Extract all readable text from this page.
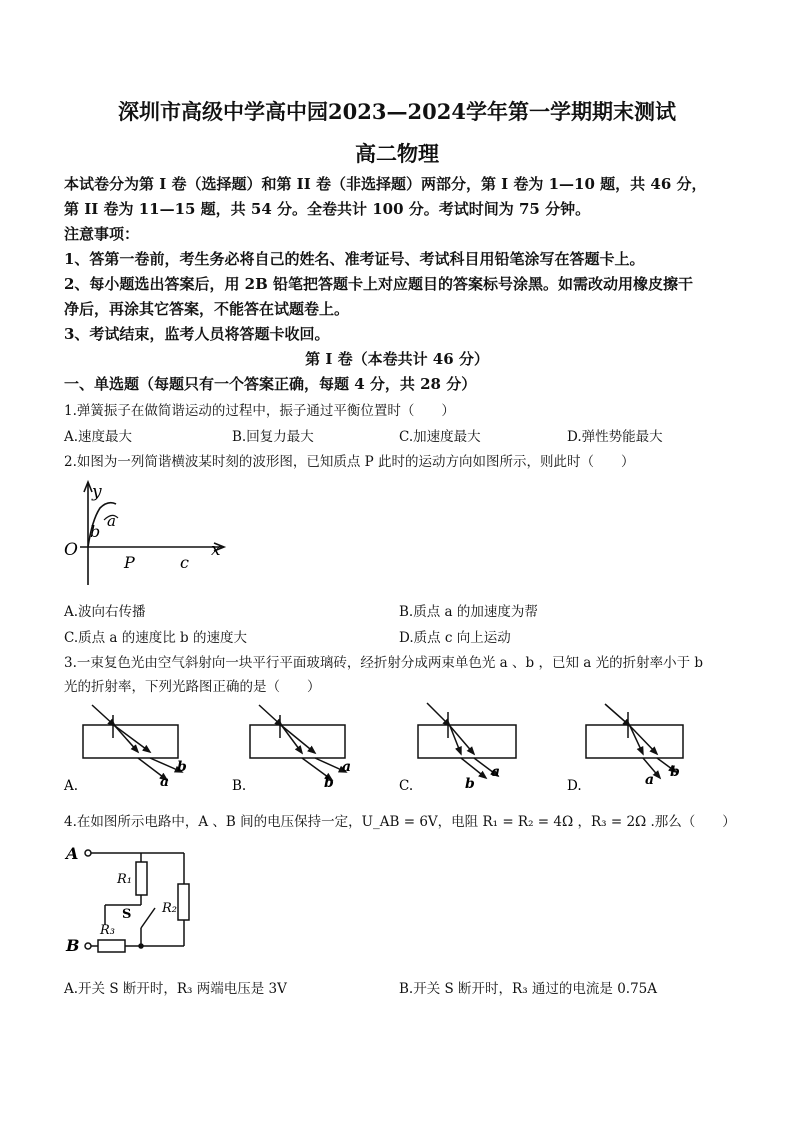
深圳市高级中学高中园2023—2024学年第一学期期末测试
高二物理
本试卷分为第 I 卷（选择题）和第 II 卷（非选择题）两部分，第 I 卷为 1—10 题，共 46 分，
第 II 卷为 11—15 题，共 54 分。全卷共计 100 分。考试时间为 75 分钟。
注意事项：
1、答第一卷前，考生务必将自己的姓名、准考证号、考试科目用铅笔涂写在答题卡上。
2、每小题选出答案后，用 2B 铅笔把答题卡上对应题目的答案标号涂黑。如需改动用橡皮擦干
净后，再涂其它答案，不能答在试题卷上。
3、考试结束，监考人员将答题卡收回。
第 I 卷（本卷共计 46 分）
一、单选题（每题只有一个答案正确，每题 4 分，共 28 分）
1.弹簧振子在做简谐运动的过程中，振子通过平衡位置时（　　）
A.速度最大	B.回复力最大	C.加速度最大	D.弹性势能最大
2.如图为一列简谐横波某时刻的波形图，已知质点 P 此时的运动方向如图所示，则此时（　　）
y
x
O
a
b
P	c
A.波向右传播	B.质点 a 的加速度为帮
C.质点 a 的速度比 b 的速度大	D.质点 c 向上运动
3.一束复色光由空气斜射向一块平行平面玻璃砖，经折射分成两束单色光 a 、b ，已知 a 光的折射率小于 b
光的折射率，下列光路图正确的是（　　）
a
b
b
a
b
a	a b
A.	B.	C.	D.
4.在如图所示电路中，A 、B 间的电压保持一定，U_AB = 6V，电阻 R₁ = R₂ = 4Ω ，R₃ = 2Ω .那么（　　）
A
B
R₁
R₂
R₃
S
A.开关 S 断开时，R₃ 两端电压是 3V	B.开关 S 断开时，R₃ 通过的电流是 0.75A
